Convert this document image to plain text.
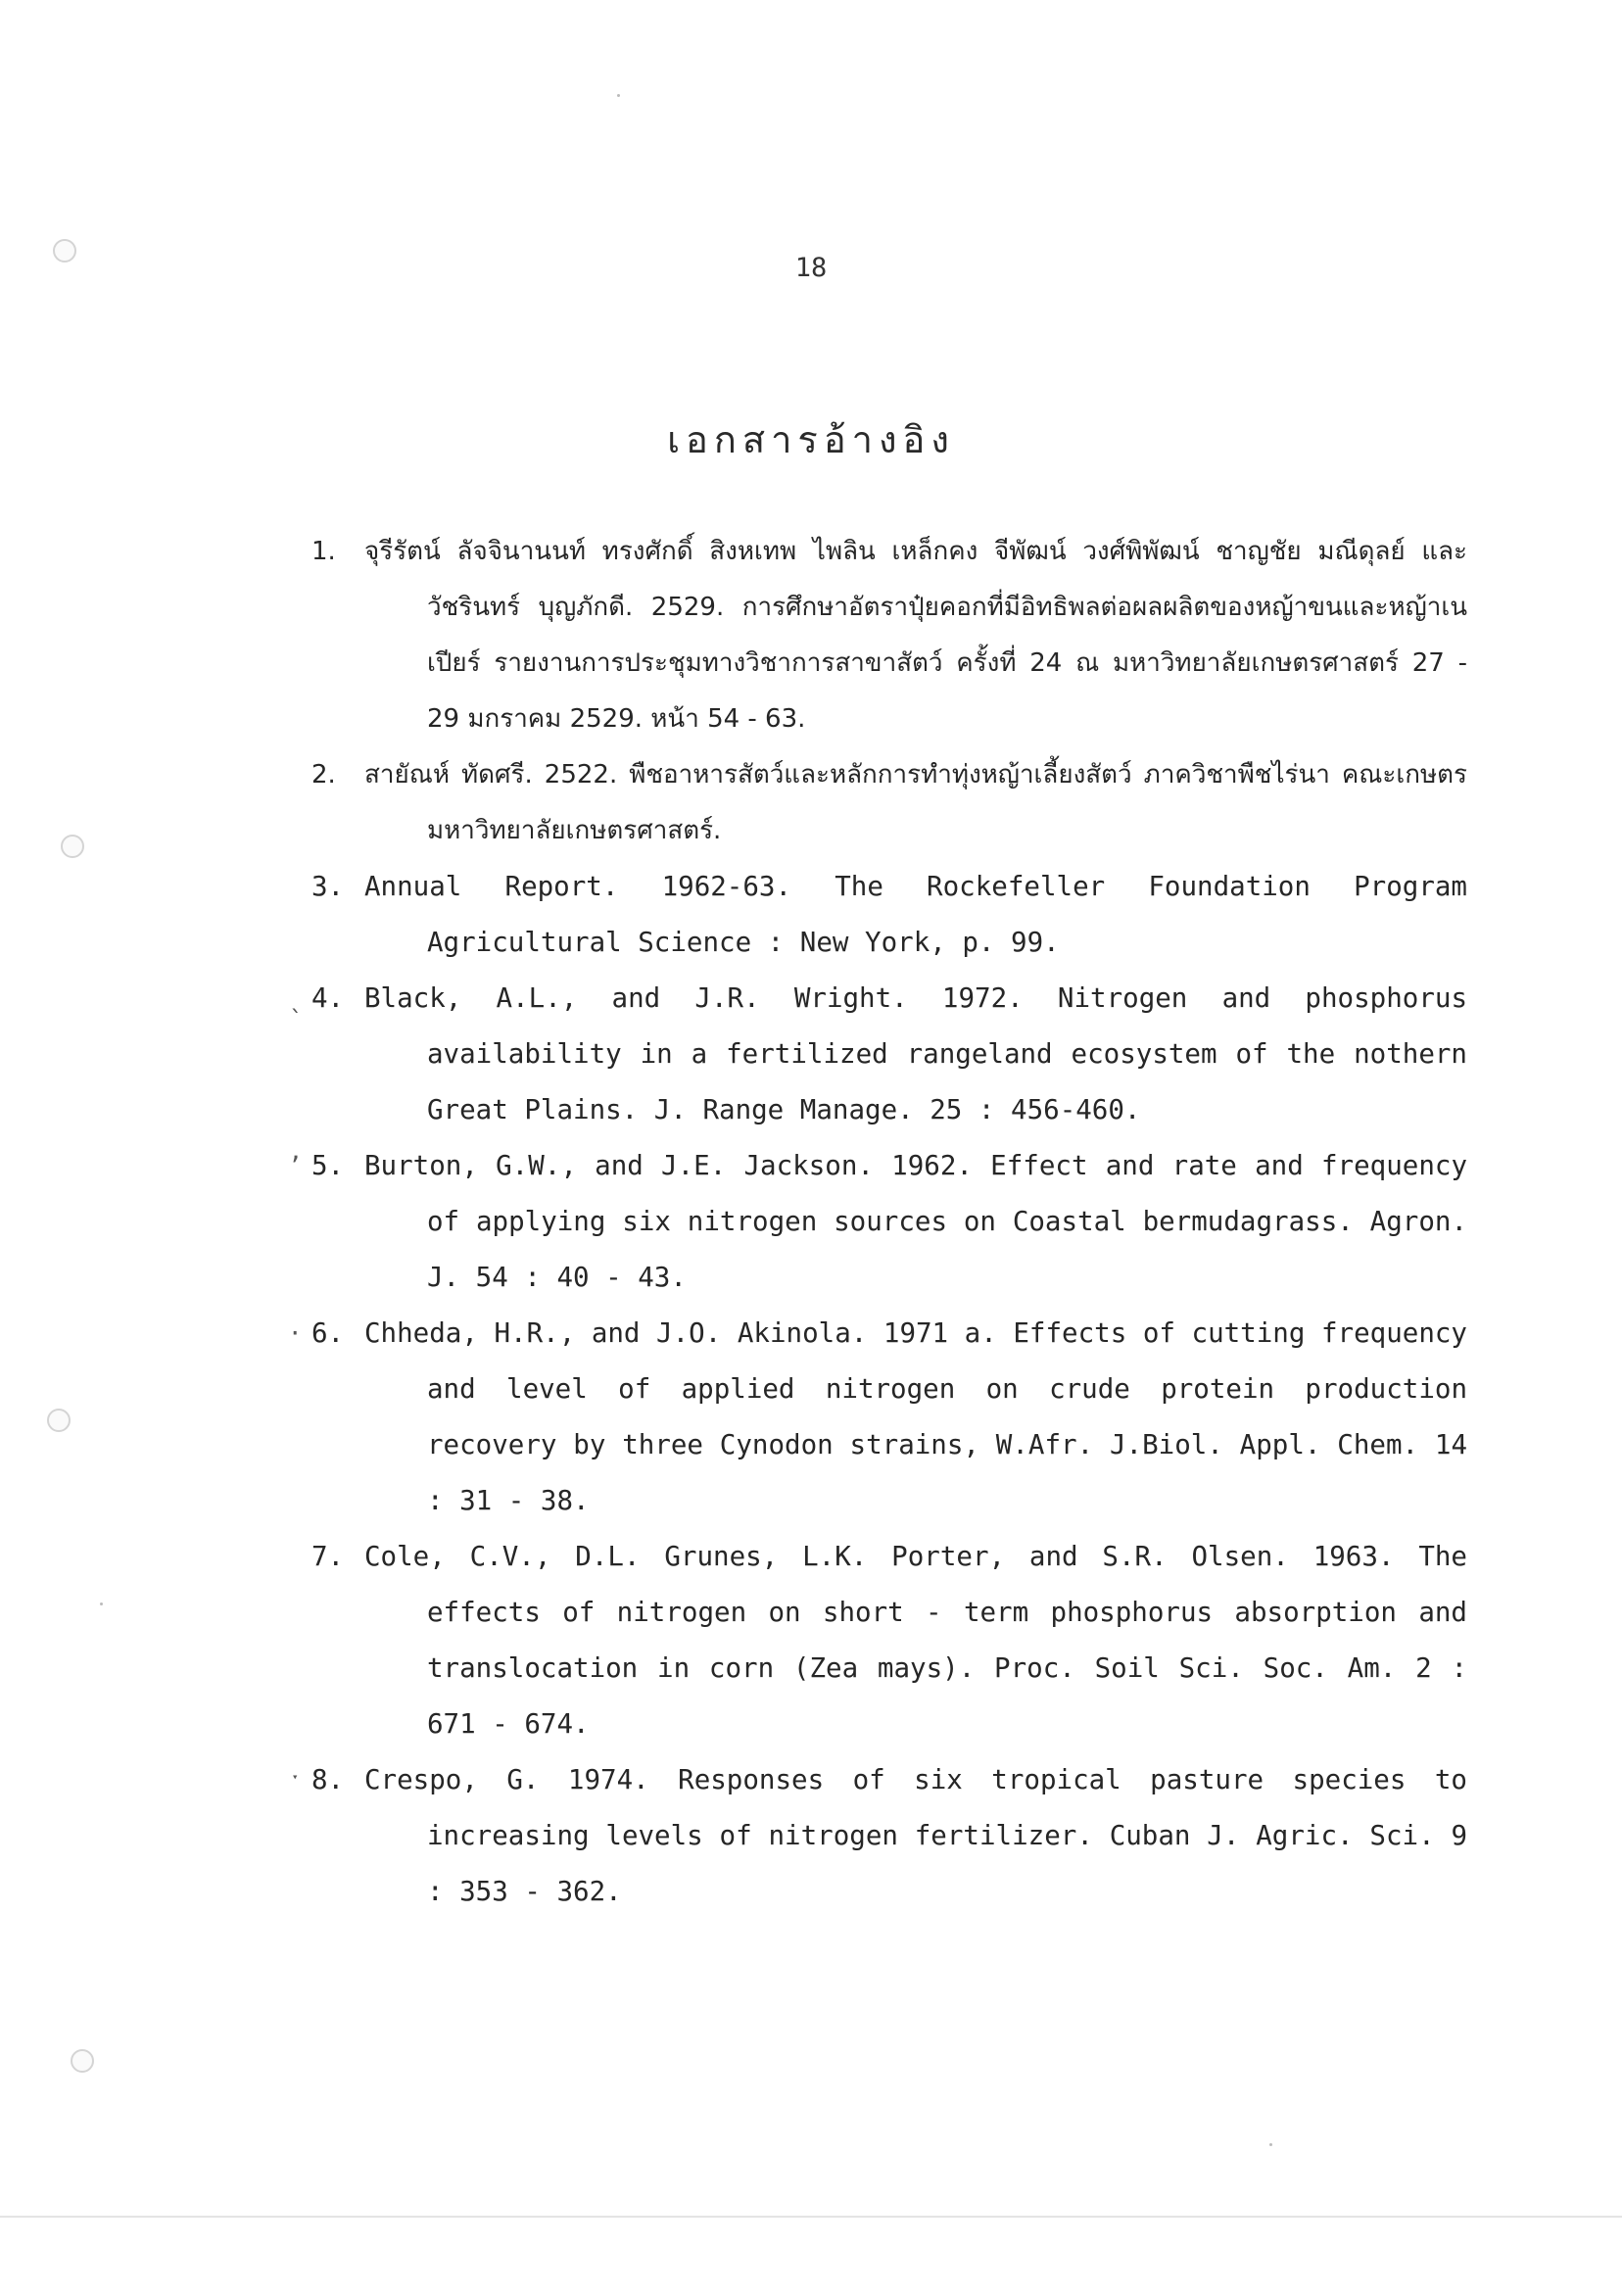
18
เอกสารอ้างอิง
1. จุรีรัตน์ ลัจจินานนท์ ทรงศักดิ์ สิงหเทพ ไพลิน เหล็กคง จีพัฒน์ วงศ์พิพัฒน์ ชาญชัย มณีดุลย์ และ วัชรินทร์ บุญภักดี. 2529. การศึกษาอัตราปุ๋ยคอกที่มีอิทธิพลต่อผลผลิตของหญ้าขนและหญ้าเนเปียร์ รายงานการประชุมทางวิชาการสาขาสัตว์ ครั้งที่ 24 ณ มหาวิทยาลัยเกษตรศาสตร์ 27 - 29 มกราคม 2529. หน้า 54 - 63.
2. สายัณห์ ทัดศรี. 2522. พืชอาหารสัตว์และหลักการทำทุ่งหญ้าเลี้ยงสัตว์ ภาควิชาพืชไร่นา คณะเกษตร มหาวิทยาลัยเกษตรศาสตร์.
3. Annual Report. 1962-63. The Rockefeller Foundation Program Agricultural Science : New York, p. 99.
ˎ 4. Black, A.L., and J.R. Wright. 1972. Nitrogen and phosphorus availability in a fertilized rangeland ecosystem of the nothern Great Plains. J. Range Manage. 25 : 456-460.
ʼ 5. Burton, G.W., and J.E. Jackson. 1962. Effect and rate and frequency of applying six nitrogen sources on Coastal bermudagrass. Agron. J. 54 : 40 - 43.
· 6. Chheda, H.R., and J.O. Akinola. 1971 a. Effects of cutting frequency and level of applied nitrogen on crude protein production recovery by three Cynodon strains, W.Afr. J.Biol. Appl. Chem. 14 : 31 - 38.
7. Cole, C.V., D.L. Grunes, L.K. Porter, and S.R. Olsen. 1963. The effects of nitrogen on short - term phosphorus absorption and translocation in corn (Zea mays). Proc. Soil Sci. Soc. Am. 2 : 671 - 674.
ˑ 8. Crespo, G. 1974. Responses of six tropical pasture species to increasing levels of nitrogen fertilizer. Cuban J. Agric. Sci. 9 : 353 - 362.
